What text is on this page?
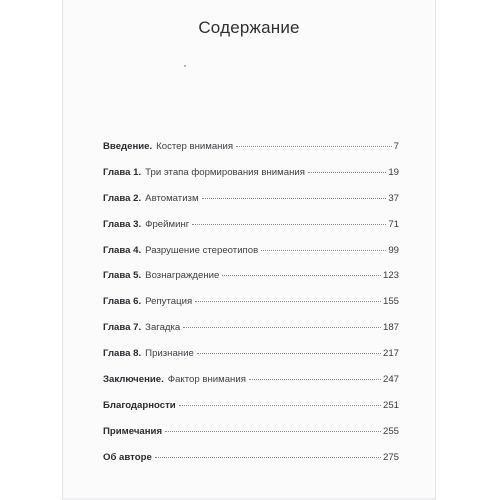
Содержание
Введение. Костер внимания	7
Глава 1. Три этапа формирования внимания	19
Глава 2. Автоматизм	37
Глава 3. Фрейминг	71
Глава 4. Разрушение стереотипов	99
Глава 5. Вознаграждение	123
Глава 6. Репутация	155
Глава 7. Загадка	187
Глава 8. Признание	217
Заключение. Фактор внимания	247
Благодарности	251
Примечания	255
Об авторе	275
